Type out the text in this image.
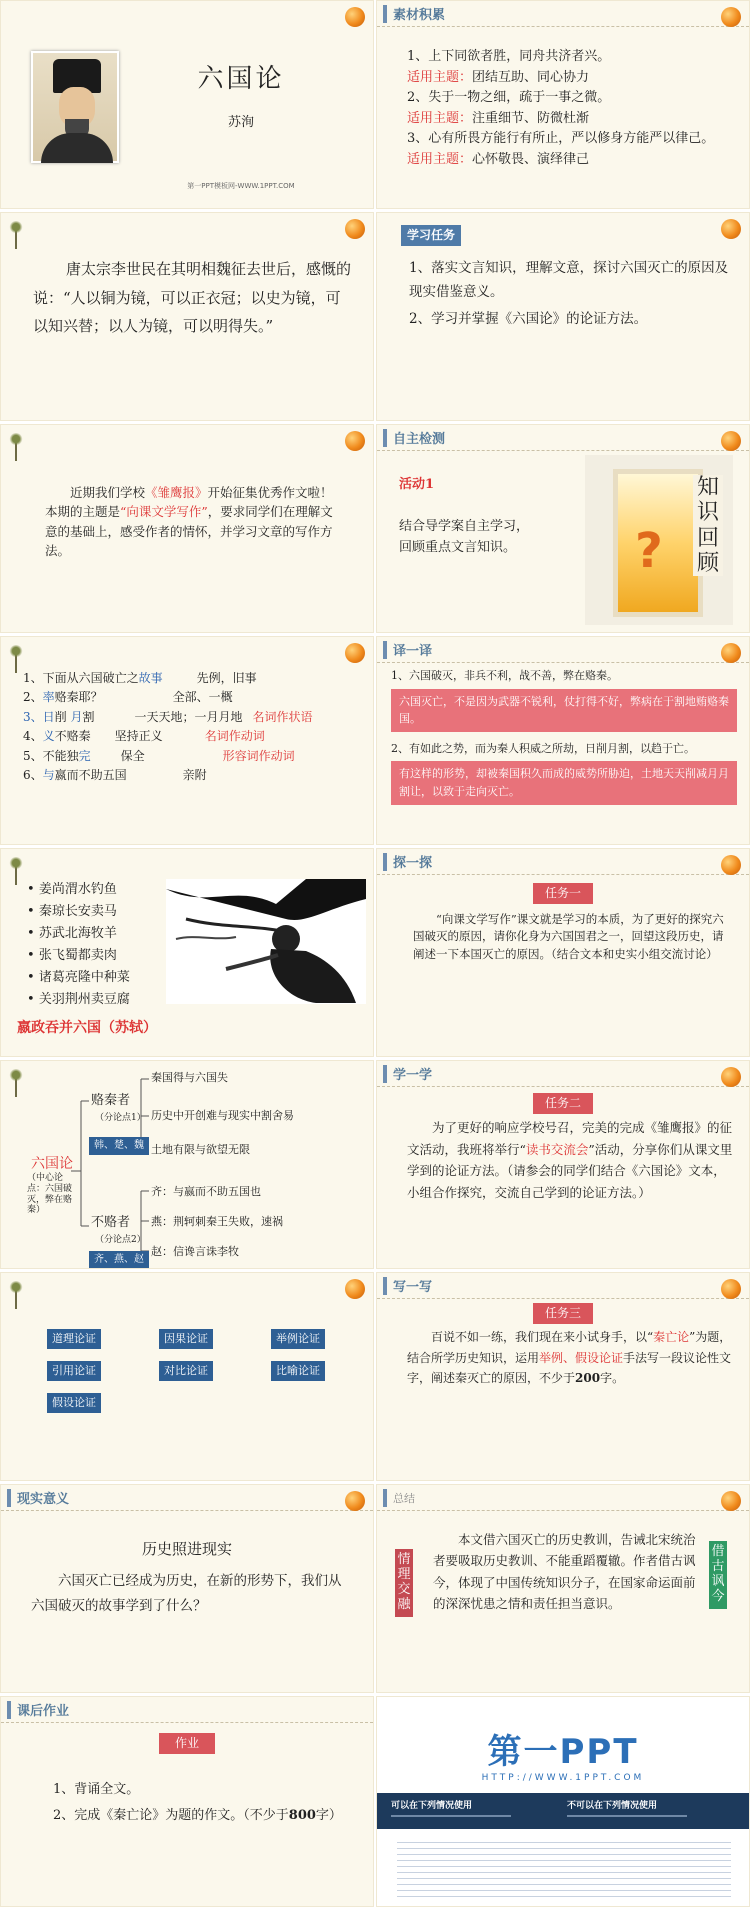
六国论
苏洵
第一PPT模板网-WWW.1PPT.COM
素材积累
1、上下同欲者胜，同舟共济者兴。
适用主题：团结互助、同心协力
2、失于一物之细，疏于一事之微。
适用主题：注重细节、防微杜渐
3、心有所畏方能行有所止，严以修身方能严以律己。
适用主题：心怀敬畏、演绎律己
唐太宗李世民在其明相魏征去世后，感慨的说：“人以铜为镜，可以正衣冠；以史为镜，可以知兴替；以人为镜，可以明得失。”
学习任务
1、落实文言知识，理解文意，探讨六国灭亡的原因及现实借鉴意义。
2、学习并掌握《六国论》的论证方法。
近期我们学校《雏鹰报》开始征集优秀作文啦！本期的主题是“向课文学写作”，要求同学们在理解文意的基础上，感受作者的情怀，并学习文章的写作方法。
自主检测
活动1
结合导学案自主学习，回顾重点文言知识。	?
知识回顾
1、下面从六国破亡之故事	先例，旧事
2、率赂秦耶？	全部、一概
3、日削 月割	一天天地；一月月地 名词作状语
4、义不赂秦 坚持正义	名词作动词
5、不能独完	保全	形容词作动词
6、与嬴而不助五国	亲附
译一译
1、六国破灭，非兵不利，战不善，弊在赂秦。
六国灭亡，不是因为武器不锐利，仗打得不好，弊病在于割地贿赂秦国。
2、有如此之势，而为秦人积威之所劫，日削月割，以趋于亡。
有这样的形势，却被秦国积久而成的威势所胁迫，土地天天削减月月割让，以致于走向灭亡。
• 姜尚渭水钓鱼
• 秦琼长安卖马
• 苏武北海牧羊
• 张飞蜀都卖肉
• 诸葛亮隆中种菜
• 关羽荆州卖豆腐
嬴政吞并六国（苏轼）
探一探
任务一
“向课文学写作”课文就是学习的本质，为了更好的探究六国破灭的原因，请你化身为六国国君之一，回望这段历史，请阐述一下本国灭亡的原因。（结合文本和史实小组交流讨论）
六国论
（中心论点：六国破灭，弊在赂秦）
赂秦者
（分论点1）
韩、楚、魏
不赂者
（分论点2）
齐、燕、赵
秦国得与六国失
历史中开创难与现实中割舍易
土地有限与欲望无限
齐：与嬴而不助五国也
燕：荆轲刺秦王失败，速祸
赵：信谗言诛李牧
学一学
任务二
为了更好的响应学校号召，完美的完成《雏鹰报》的征文活动，我班将举行“读书交流会”活动，分享你们从课文里学到的论证方法。（请参会的同学们结合《六国论》文本，小组合作探究，交流自己学到的论证方法。）
道理论证	因果论证	举例论证
引用论证	对比论证	比喻论证
假设论证
写一写
任务三
百说不如一练，我们现在来小试身手，以“秦亡论”为题，结合所学历史知识，运用举例、假设论证手法写一段议论性文字，阐述秦灭亡的原因，不少于200字。
现实意义
历史照进现实
六国灭亡已经成为历史，在新的形势下，我们从六国破灭的故事学到了什么？
总结
情理交融
借古讽今
本文借六国灭亡的历史教训，告诫北宋统治者要吸取历史教训、不能重蹈覆辙。作者借古讽今，体现了中国传统知识分子，在国家命运面前的深深忧患之情和责任担当意识。
课后作业
作业
1、背诵全文。
2、完成《秦亡论》为题的作文。（不少于800字）
第一PPT
HTTP://WWW.1PPT.COM
可以在下列情况使用	不可以在下列情况使用
